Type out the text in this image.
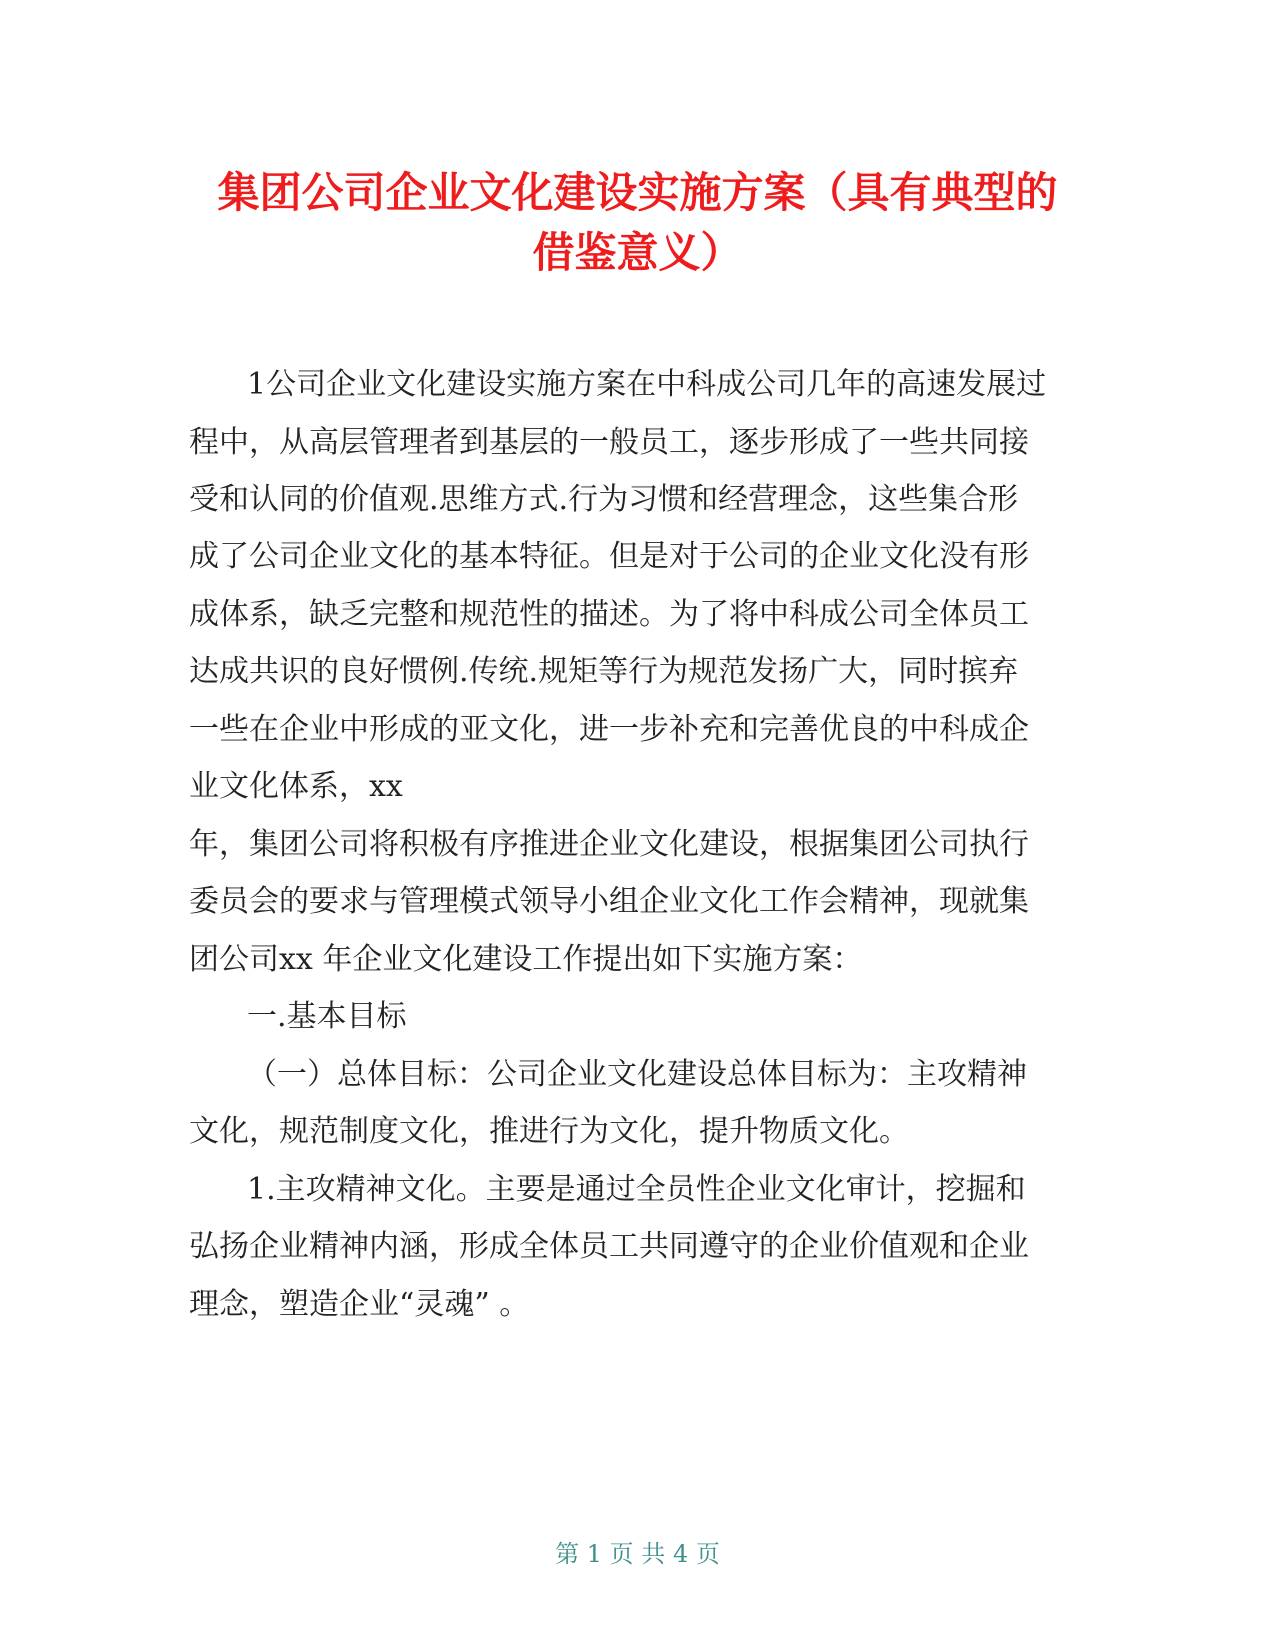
集团公司企业文化建设实施方案（具有典型的
借鉴意义）
1公司企业文化建设实施方案在中科成公司几年的高速发展过
程中，从高层管理者到基层的一般员工，逐步形成了一些共同接
受和认同的价值观.思维方式.行为习惯和经营理念，这些集合形
成了公司企业文化的基本特征。但是对于公司的企业文化没有形
成体系，缺乏完整和规范性的描述。为了将中科成公司全体员工
达成共识的良好惯例.传统.规矩等行为规范发扬广大，同时摈弃
一些在企业中形成的亚文化，进一步补充和完善优良的中科成企
业文化体系，xx
年，集团公司将积极有序推进企业文化建设，根据集团公司执行
委员会的要求与管理模式领导小组企业文化工作会精神，现就集
团公司xx 年企业文化建设工作提出如下实施方案：
一.基本目标
（一）总体目标：公司企业文化建设总体目标为：主攻精神
文化，规范制度文化，推进行为文化，提升物质文化。
1.主攻精神文化。主要是通过全员性企业文化审计，挖掘和
弘扬企业精神内涵，形成全体员工共同遵守的企业价值观和企业
理念，塑造企业“灵魂” 。
第 1 页 共 4 页
